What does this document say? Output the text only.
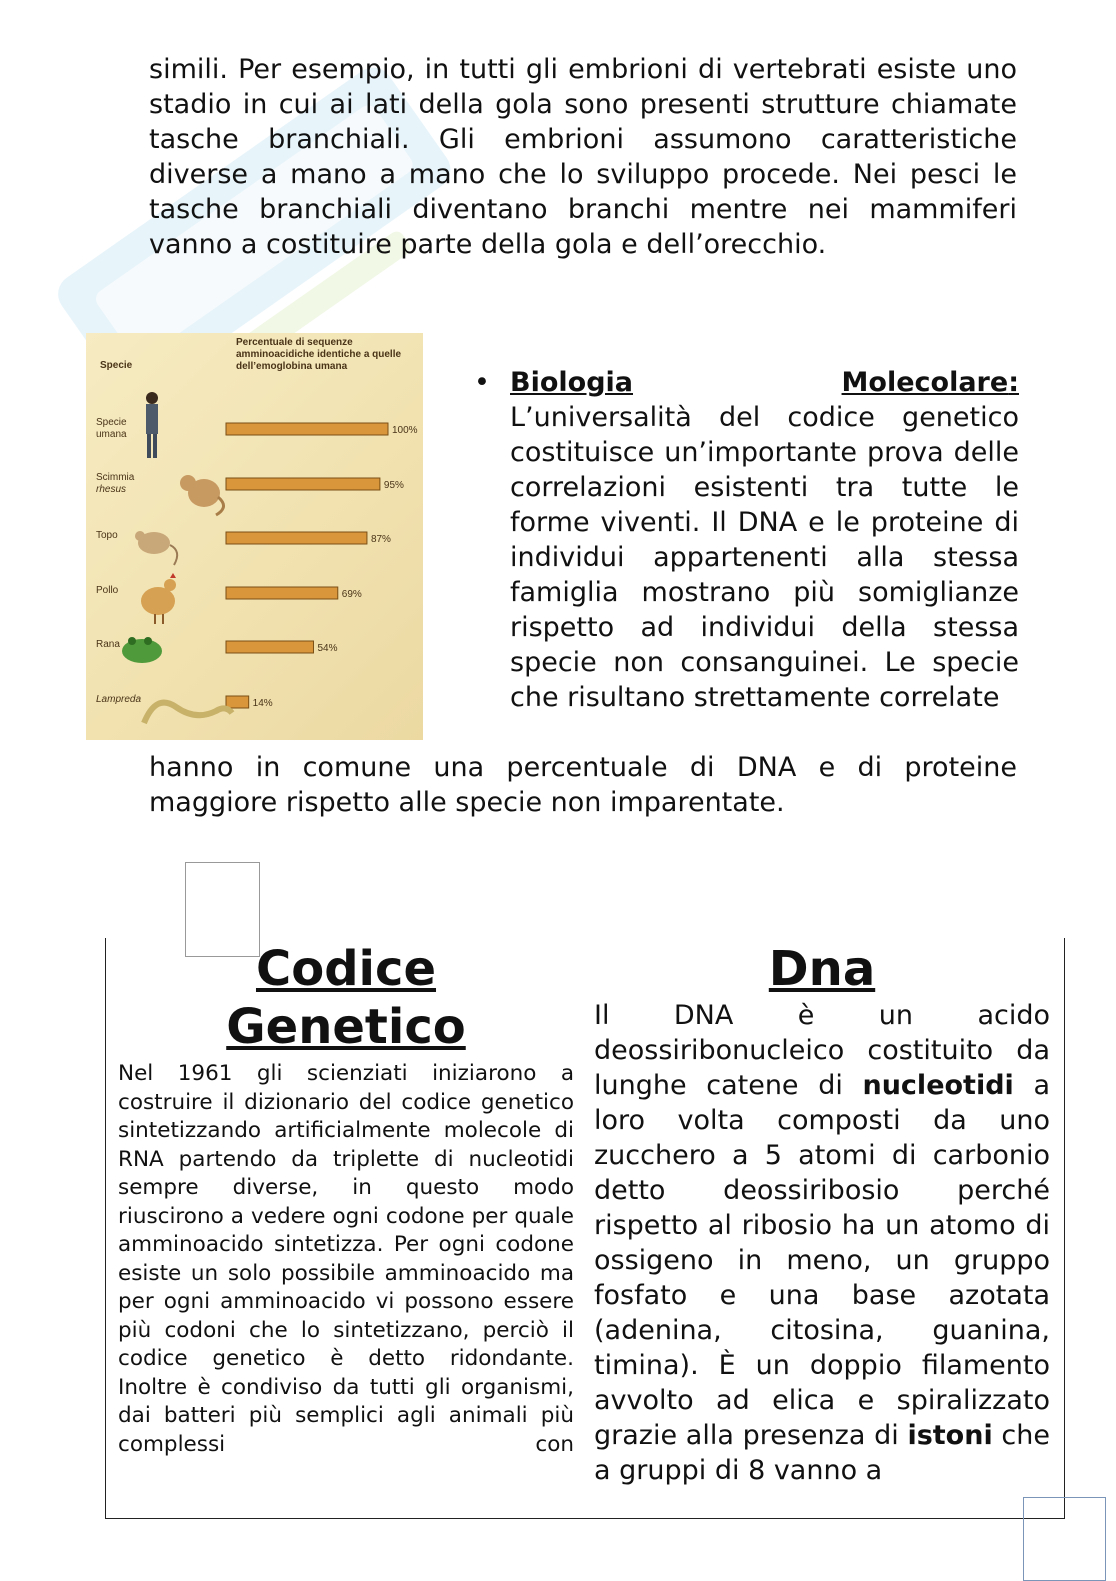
simili. Per esempio, in tutti gli embrioni di vertebrati esiste uno stadio in cui ai lati della gola sono presenti strutture chiamate tasche branchiali. Gli embrioni assumono caratteristiche diverse a mano a mano che lo sviluppo procede. Nei pesci le tasche branchiali diventano branchi mentre nei mammiferi vanno a costituire parte della gola e dell’orecchio.

Specie
Percentuale di sequenze
amminoacidiche identiche a quelle
dell’emoglobina umana
Specie
umana	100%
Scimmia
rhesus	95%
Topo	87%
Pollo	69%
Rana	54%
Lampreda	14%
• Biologia	Molecolare:
L’universalità del codice genetico costituisce un’importante prova delle correlazioni esistenti tra tutte le forme viventi. Il DNA e le proteine di individui appartenenti alla stessa famiglia mostrano più somiglianze rispetto ad individui della stessa specie non consanguinei. Le specie che risultano strettamente correlate

hanno in comune una percentuale di DNA e di proteine maggiore rispetto alle specie non imparentate.

Codice
Genetico
Nel 1961 gli scienziati iniziarono a costruire il dizionario del codice genetico sintetizzando artificialmente molecole di RNA partendo da triplette di nucleotidi sempre diverse, in questo modo riuscirono a vedere ogni codone per quale amminoacido sintetizza. Per ogni codone esiste un solo possibile amminoacido ma per ogni amminoacido vi possono essere più codoni che lo sintetizzano, perciò il codice genetico è detto ridondante. Inoltre è condiviso da tutti gli organismi, dai batteri più semplici agli animali più complessi con
Dna
Il DNA è un acido deossiribonucleico costituito da lunghe catene di nucleotidi a loro volta composti da uno zucchero a 5 atomi di carbonio detto deossiribosio perché rispetto al ribosio ha un atomo di ossigeno in meno, un gruppo fosfato e una base azotata (adenina, citosina, guanina, timina). È un doppio filamento avvolto ad elica e spiralizzato grazie alla presenza di istoni che a gruppi di 8 vanno a
